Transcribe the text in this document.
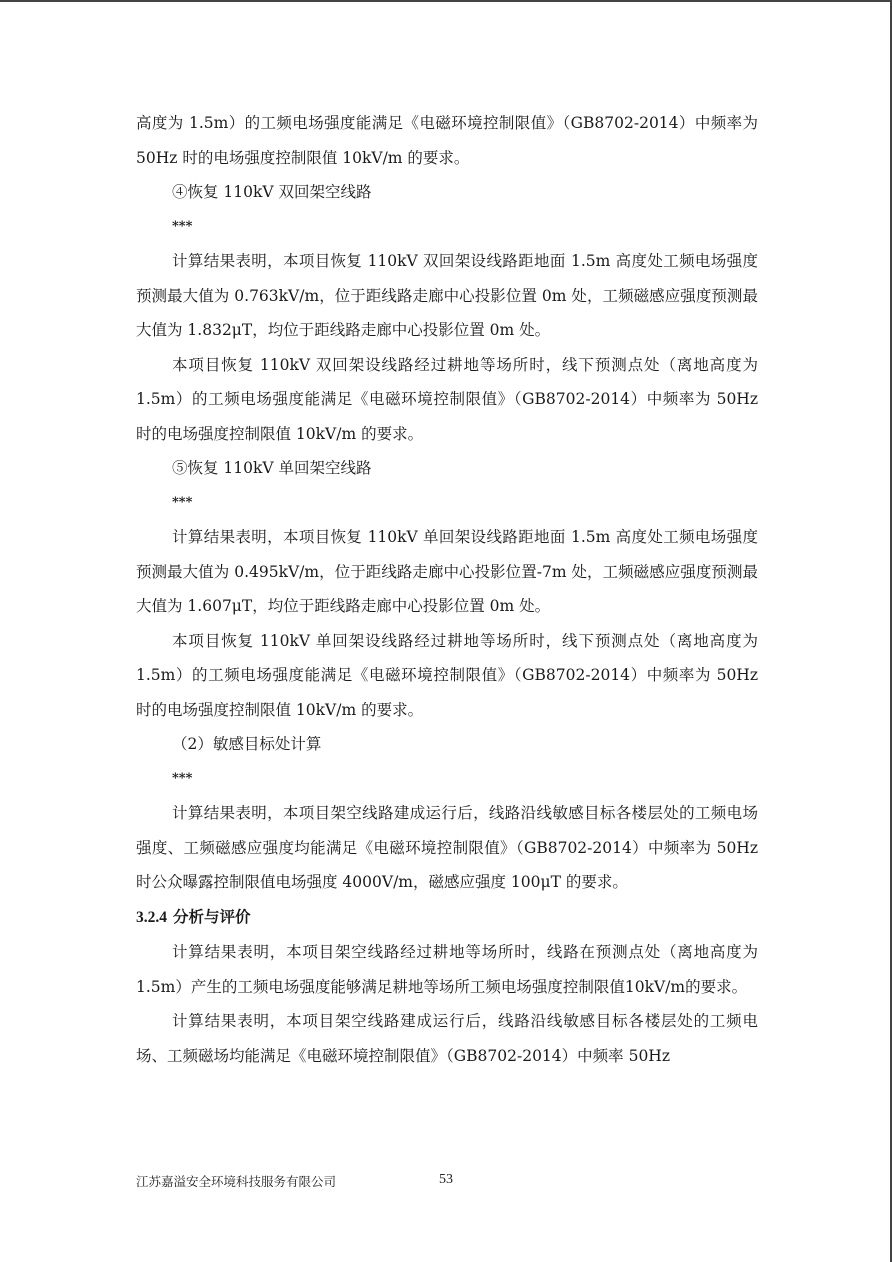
高度为 1.5m）的工频电场强度能满足《电磁环境控制限值》（GB8702-2014）中频率为 50Hz 时的电场强度控制限值 10kV/m 的要求。

④恢复 110kV 双回架空线路

***

计算结果表明，本项目恢复 110kV 双回架设线路距地面 1.5m 高度处工频电场强度预测最大值为 0.763kV/m，位于距线路走廊中心投影位置 0m 处，工频磁感应强度预测最大值为 1.832μT，均位于距线路走廊中心投影位置 0m 处。

本项目恢复 110kV 双回架设线路经过耕地等场所时，线下预测点处（离地高度为 1.5m）的工频电场强度能满足《电磁环境控制限值》（GB8702-2014）中频率为 50Hz 时的电场强度控制限值 10kV/m 的要求。

⑤恢复 110kV 单回架空线路

***

计算结果表明，本项目恢复 110kV 单回架设线路距地面 1.5m 高度处工频电场强度预测最大值为 0.495kV/m，位于距线路走廊中心投影位置-7m 处，工频磁感应强度预测最大值为 1.607μT，均位于距线路走廊中心投影位置 0m 处。

本项目恢复 110kV 单回架设线路经过耕地等场所时，线下预测点处（离地高度为 1.5m）的工频电场强度能满足《电磁环境控制限值》（GB8702-2014）中频率为 50Hz 时的电场强度控制限值 10kV/m 的要求。

（2）敏感目标处计算

***

计算结果表明，本项目架空线路建成运行后，线路沿线敏感目标各楼层处的工频电场强度、工频磁感应强度均能满足《电磁环境控制限值》（GB8702-2014）中频率为 50Hz 时公众曝露控制限值电场强度 4000V/m，磁感应强度 100μT 的要求。

3.2.4 分析与评价

计算结果表明，本项目架空线路经过耕地等场所时，线路在预测点处（离地高度为1.5m）产生的工频电场强度能够满足耕地等场所工频电场强度控制限值10kV/m的要求。

计算结果表明，本项目架空线路建成运行后，线路沿线敏感目标各楼层处的工频电场、工频磁场均能满足《电磁环境控制限值》（GB8702-2014）中频率 50Hz

江苏嘉溢安全环境科技服务有限公司	53
